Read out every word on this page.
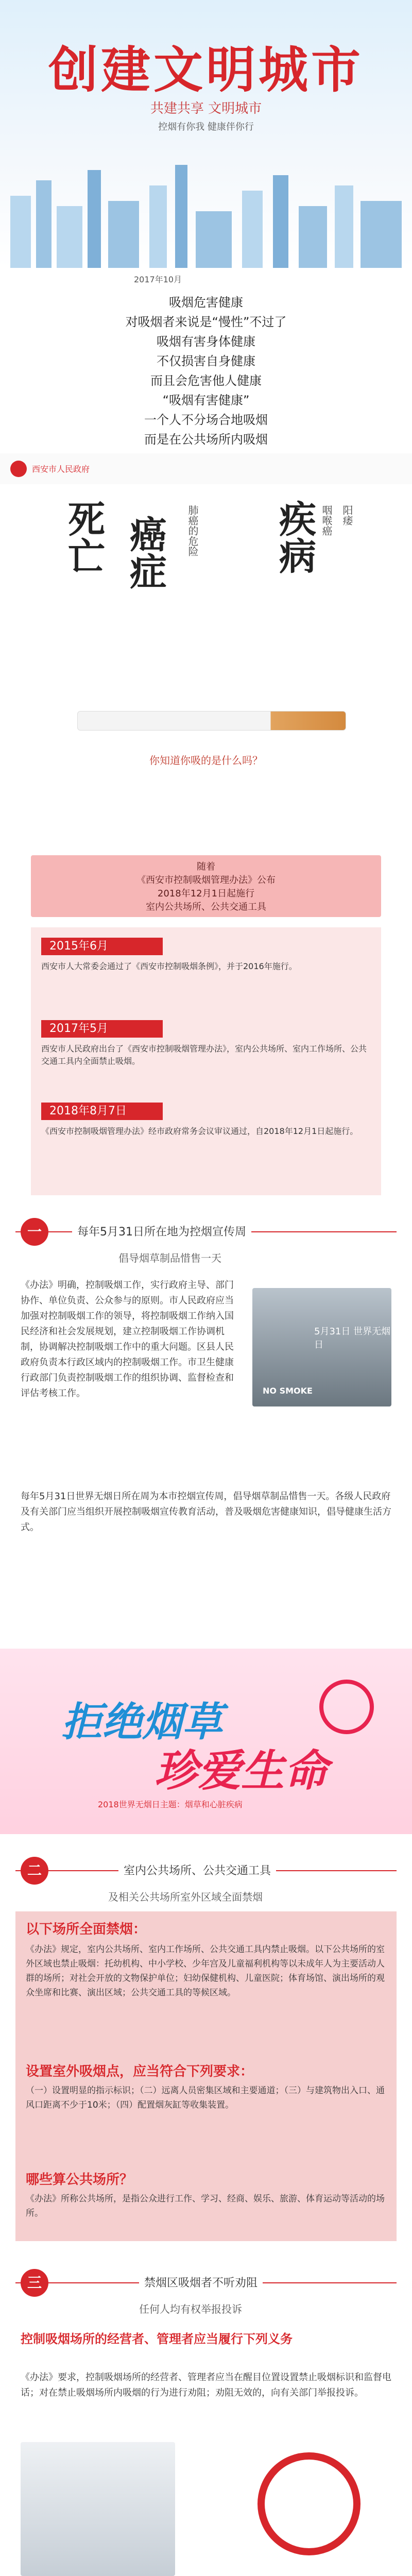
创建文明城市
共建共享 文明城市
控烟有你我 健康伴你行
2017年10月

吸烟危害健康

对吸烟者来说是“慢性”不过了

吸烟有害身体健康

不仅损害自身健康

而且会危害他人健康

“吸烟有害健康”

一个人不分场合地吸烟

而是在公共场所内吸烟

西安市人民政府
死亡 癌症	疾病
肺癌的危险	咽喉癌 阳痿
你知道你吸的是什么吗？
随着
《西安市控制吸烟管理办法》公布
2018年12月1日起施行
室内公共场所、公共交通工具
2015年6月
西安市人大常委会通过了《西安市控制吸烟条例》，并于2016年施行。
2017年5月
西安市人民政府出台了《西安市控制吸烟管理办法》，室内公共场所、室内工作场所、公共交通工具内全面禁止吸烟。
2018年8月7日
《西安市控制吸烟管理办法》经市政府常务会议审议通过，自2018年12月1日起施行。
一	每年5月31日所在地为控烟宣传周
倡导烟草制品惜售一天
《办法》明确，控制吸烟工作，实行政府主导、部门协作、单位负责、公众参与的原则。市人民政府应当加强对控制吸烟工作的领导，将控制吸烟工作纳入国民经济和社会发展规划，建立控制吸烟工作协调机制，协调解决控制吸烟工作中的重大问题。区县人民政府负责本行政区域内的控制吸烟工作。市卫生健康行政部门负责控制吸烟工作的组织协调、监督检查和评估考核工作。
5月31日 世界无烟日
NO SMOKE
每年5月31日世界无烟日所在周为本市控烟宣传周，倡导烟草制品惜售一天。各级人民政府及有关部门应当组织开展控制吸烟宣传教育活动，普及吸烟危害健康知识，倡导健康生活方式。
拒绝烟草
珍爱生命
2018世界无烟日主题：烟草和心脏疾病
二	室内公共场所、公共交通工具
及相关公共场所室外区域全面禁烟
以下场所全面禁烟：
《办法》规定，室内公共场所、室内工作场所、公共交通工具内禁止吸烟。以下公共场所的室外区域也禁止吸烟：托幼机构、中小学校、少年宫及儿童福利机构等以未成年人为主要活动人群的场所；对社会开放的文物保护单位；妇幼保健机构、儿童医院；体育场馆、演出场所的观众坐席和比赛、演出区域；公共交通工具的等候区域。
设置室外吸烟点，应当符合下列要求：
（一）设置明显的指示标识；（二）远离人员密集区域和主要通道；（三）与建筑物出入口、通风口距离不少于10米；（四）配置烟灰缸等收集装置。
哪些算公共场所？
《办法》所称公共场所，是指公众进行工作、学习、经商、娱乐、旅游、体育运动等活动的场所。
三	禁烟区吸烟者不听劝阻
任何人均有权举报投诉
控制吸烟场所的经营者、管理者应当履行下列义务
《办法》要求，控制吸烟场所的经营者、管理者应当在醒目位置设置禁止吸烟标识和监督电话；对在禁止吸烟场所内吸烟的行为进行劝阻；劝阻无效的，向有关部门举报投诉。
